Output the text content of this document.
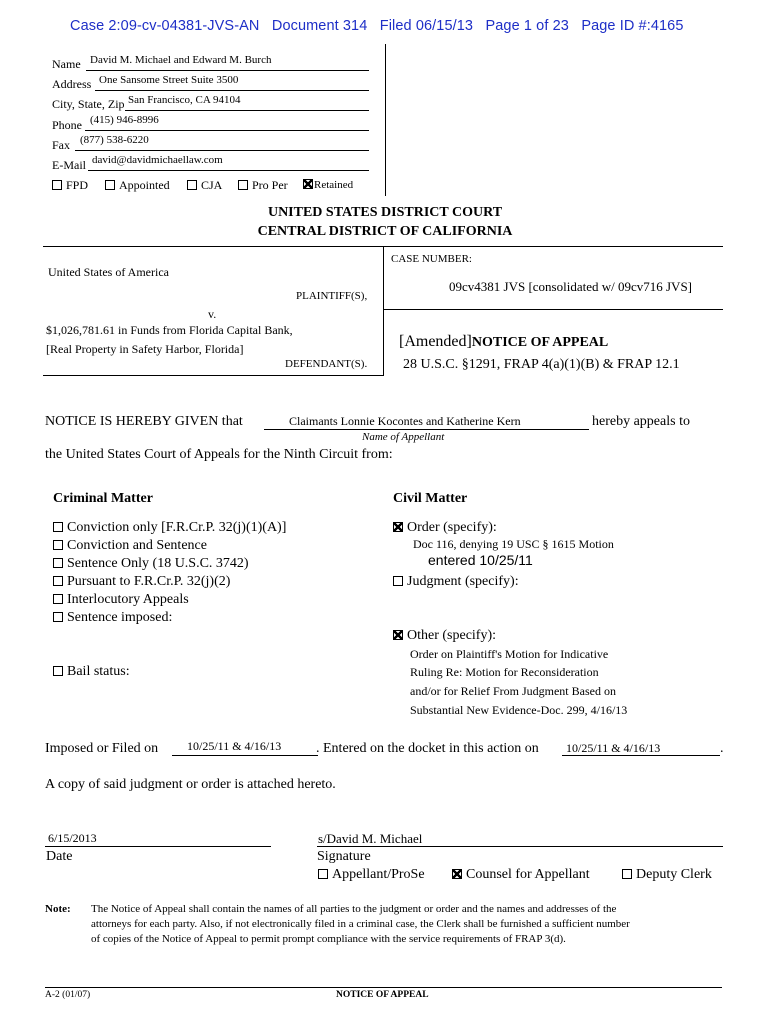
Case 2:09-cv-04381-JVS-AN Document 314 Filed 06/15/13 Page 1 of 23 Page ID #:4165
Name David M. Michael and Edward M. Burch
Address One Sansome Street Suite 3500
City, State, Zip San Francisco, CA 94104
Phone (415) 946-8996
Fax (877) 538-6220
E-Mail david@davidmichaellaw.com
FPD	Appointed	CJA	Pro Per	Retained
UNITED STATES DISTRICT COURT
CENTRAL DISTRICT OF CALIFORNIA
United States of America
PLAINTIFF(S),
v.
$1,026,781.61 in Funds from Florida Capital Bank,
[Real Property in Safety Harbor, Florida]
DEFENDANT(S).
CASE NUMBER:
09cv4381 JVS [consolidated w/ 09cv716 JVS]
[Amended]NOTICE OF APPEAL
28 U.S.C. §1291, FRAP 4(a)(1)(B) & FRAP 12.1
NOTICE IS HEREBY GIVEN that	Claimants Lonnie Kocontes and Katherine Kern	hereby appeals to
Name of Appellant
the United States Court of Appeals for the Ninth Circuit from:
Criminal Matter
Conviction only [F.R.Cr.P. 32(j)(1)(A)]
Conviction and Sentence
Sentence Only (18 U.S.C. 3742)
Pursuant to F.R.Cr.P. 32(j)(2)
Interlocutory Appeals
Sentence imposed:
Bail status:
Civil Matter
Order (specify):
Doc 116, denying 19 USC § 1615 Motion
entered 10/25/11
Judgment (specify):
Other (specify):
Order on Plaintiff's Motion for Indicative
Ruling Re: Motion for Reconsideration
and/or for Relief From Judgment Based on
Substantial New Evidence-Doc. 299, 4/16/13
Imposed or Filed on 10/25/11 & 4/16/13 . Entered on the docket in this action on 10/25/11 & 4/16/13	.
A copy of said judgment or order is attached hereto.
6/15/2013
Date
s/David M. Michael
Signature
Appellant/ProSe	Counsel for Appellant	Deputy Clerk
Note: The Notice of Appeal shall contain the names of all parties to the judgment or order and the names and addresses of the
attorneys for each party. Also, if not electronically filed in a criminal case, the Clerk shall be furnished a sufficient number
of copies of the Notice of Appeal to permit prompt compliance with the service requirements of FRAP 3(d).
A-2 (01/07)	NOTICE OF APPEAL
